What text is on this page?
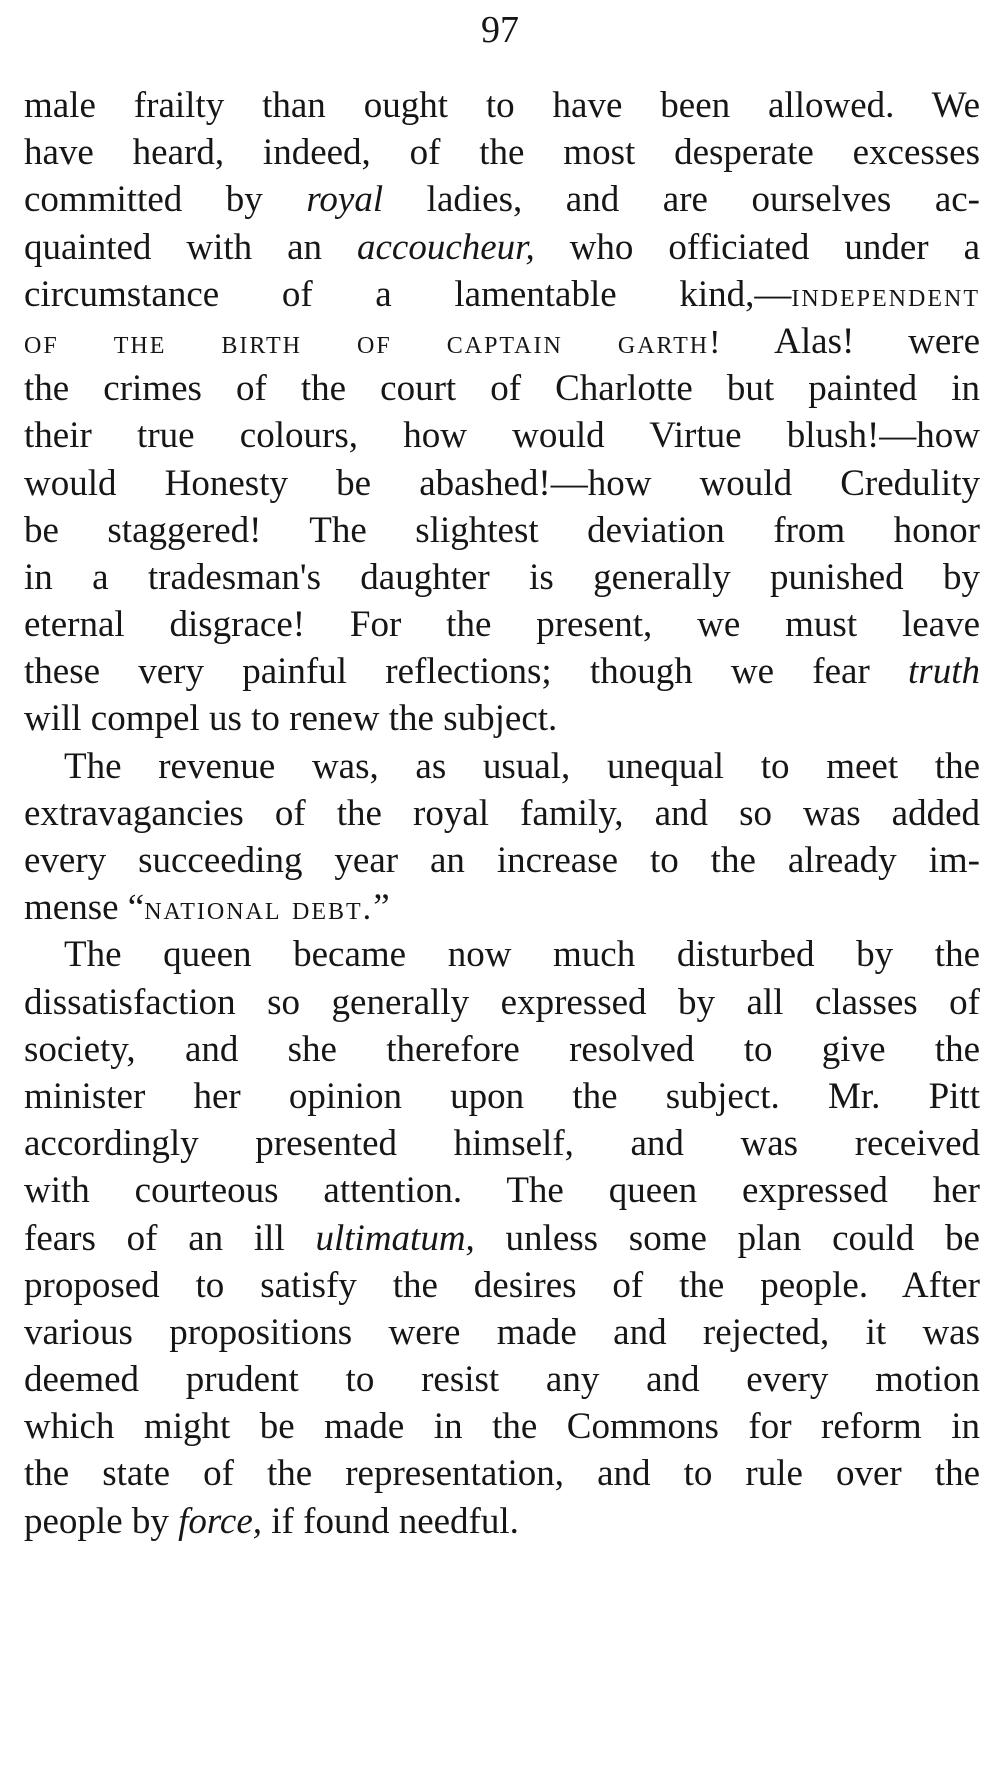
97
male frailty than ought to have been allowed. We
have heard, indeed, of the most desperate excesses
committed by royal ladies, and are ourselves ac-
quainted with an accoucheur, who officiated under a
circumstance of a lamentable kind,—independent
of the birth of captain garth! Alas! were
the crimes of the court of Charlotte but painted in
their true colours, how would Virtue blush!—how
would Honesty be abashed!—how would Credulity
be staggered! The slightest deviation from honor
in a tradesman's daughter is generally punished by
eternal disgrace! For the present, we must leave
these very painful reflections; though we fear truth
will compel us to renew the subject.
The revenue was, as usual, unequal to meet the
extravagancies of the royal family, and so was added
every succeeding year an increase to the already im-
mense “national debt.”
The queen became now much disturbed by the
dissatisfaction so generally expressed by all classes of
society, and she therefore resolved to give the
minister her opinion upon the subject. Mr. Pitt
accordingly presented himself, and was received
with courteous attention. The queen expressed her
fears of an ill ultimatum, unless some plan could be
proposed to satisfy the desires of the people. After
various propositions were made and rejected, it was
deemed prudent to resist any and every motion
which might be made in the Commons for reform in
the state of the representation, and to rule over the
people by force, if found needful.
